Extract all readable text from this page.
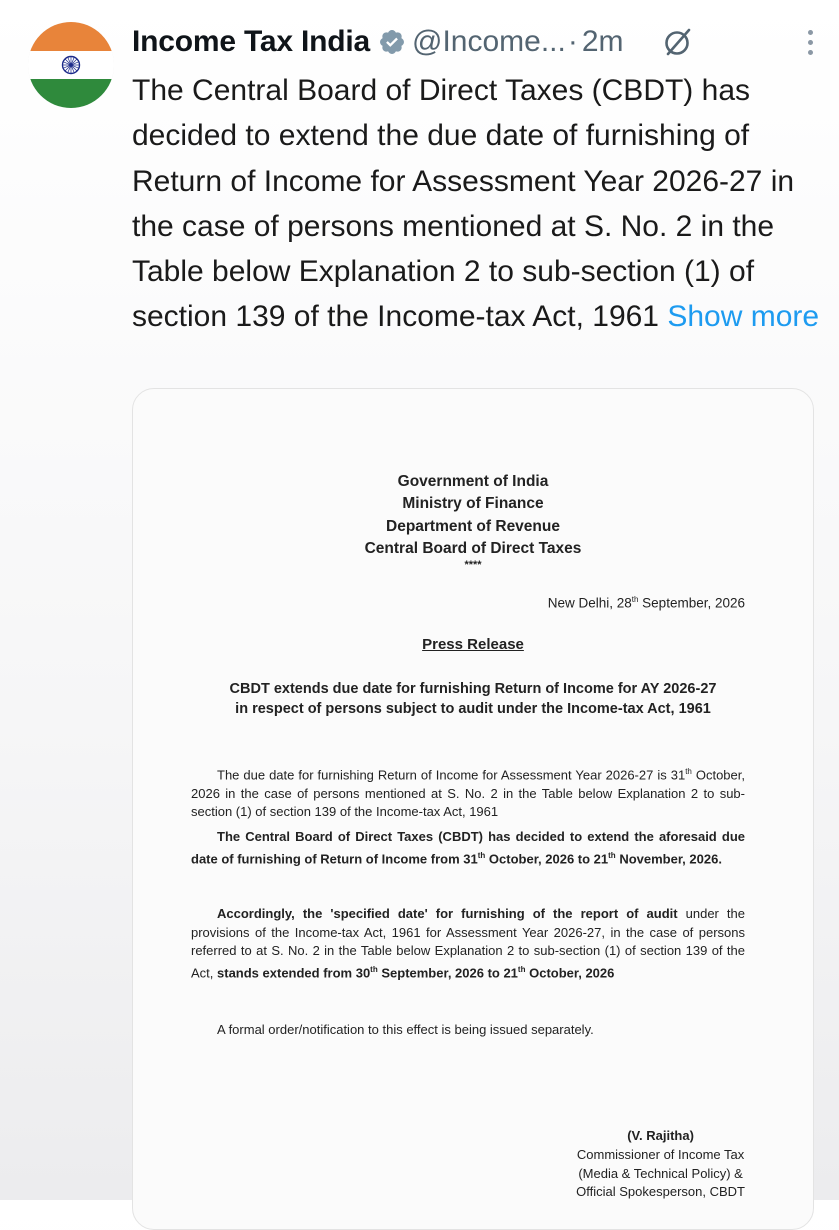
Income Tax India @Income... · 2m
The Central Board of Direct Taxes (CBDT) has decided to extend the due date of furnishing of Return of Income for Assessment Year 2026-27 in the case of persons mentioned at S. No. 2 in the Table below Explanation 2 to sub-section (1) of section 139 of the Income-tax Act, 1961 Show more
Government of India
Ministry of Finance
Department of Revenue
Central Board of Direct Taxes
****
New Delhi, 28th September, 2026
Press Release
CBDT extends due date for furnishing Return of Income for AY 2026-27
in respect of persons subject to audit under the Income-tax Act, 1961
The due date for furnishing Return of Income for Assessment Year 2026-27 is 31th October, 2026 in the case of persons mentioned at S. No. 2 in the Table below Explanation 2 to sub-section (1) of section 139 of the Income-tax Act, 1961
The Central Board of Direct Taxes (CBDT) has decided to extend the aforesaid due date of furnishing of Return of Income from 31th October, 2026 to 21th November, 2026.
Accordingly, the 'specified date' for furnishing of the report of audit under the provisions of the Income-tax Act, 1961 for Assessment Year 2026-27, in the case of persons referred to at S. No. 2 in the Table below Explanation 2 to sub-section (1) of section 139 of the Act, stands extended from 30th September, 2026 to 21th October, 2026
A formal order/notification to this effect is being issued separately.
(V. Rajitha)
Commissioner of Income Tax
(Media & Technical Policy) &
Official Spokesperson, CBDT
